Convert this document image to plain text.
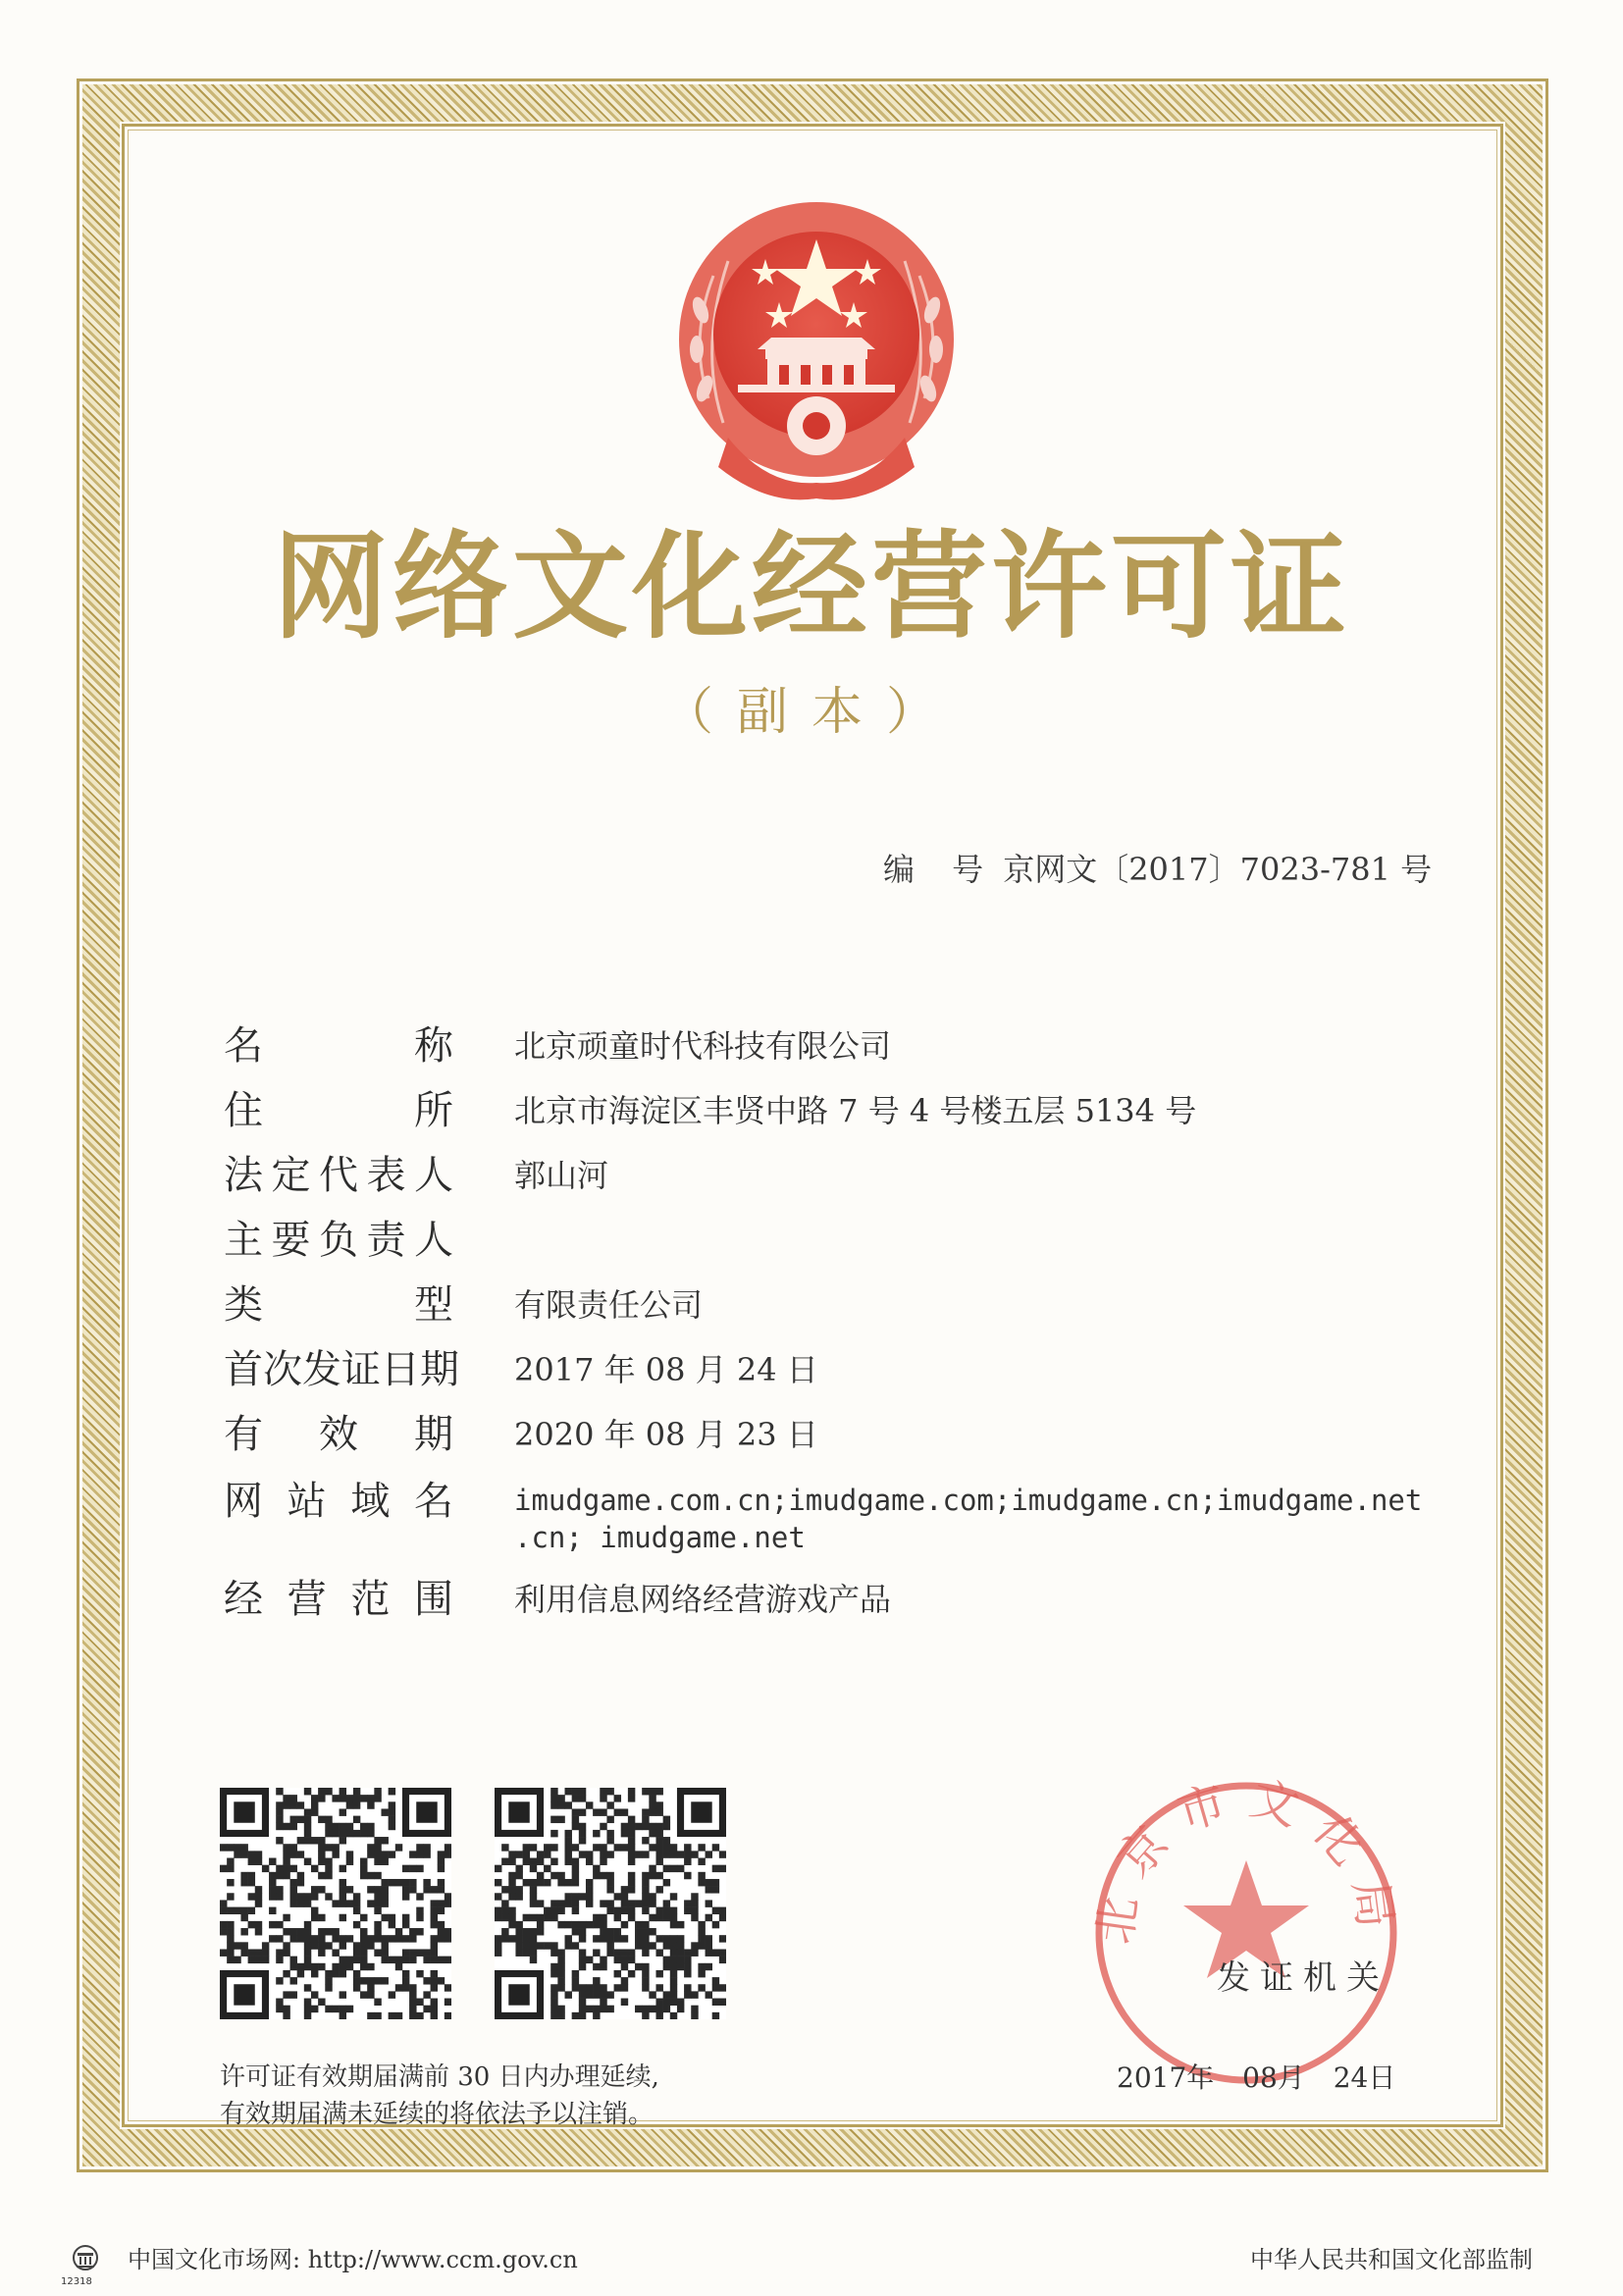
网络文化经营许可证
（副本）
编 号 京网文〔2017〕7023-781 号
名	称 北京顽童时代科技有限公司
住	所 北京市海淀区丰贤中路 7 号 4 号楼五层 5134 号
法 定 代 表 人 郭山河
主 要 负 责 人
类	型 有限责任公司
首 次 发 证 日 期 2017 年 08 月 24 日
有 效 期 2020 年 08 月 23 日
网 站 域 名 imudgame.com.cn;imudgame.com;imudgame.cn;imudgame.net
.cn; imudgame.net
经 营 范 围 利用信息网络经营游戏产品
许可证有效期届满前 30 日内办理延续,
有效期届满未延续的将依法予以注销。
北京市文化局
发证机关
2017年 08月 24日
12318
中国文化市场网: http://www.ccm.gov.cn	中华人民共和国文化部监制
